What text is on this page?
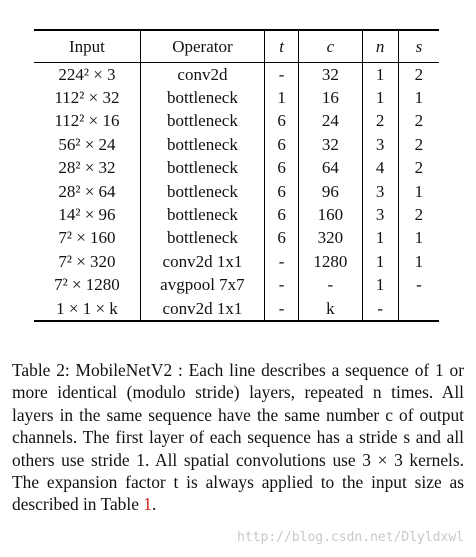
Input	Operator	t	c	n	s
224² × 3	conv2d	-	32	1	2
112² × 32	bottleneck	1	16	1	1
112² × 16	bottleneck	6	24	2	2
56² × 24	bottleneck	6	32	3	2
28² × 32	bottleneck	6	64	4	2
28² × 64	bottleneck	6	96	3	1
14² × 96	bottleneck	6	160	3	2
7² × 160	bottleneck	6	320	1	1
7² × 320	conv2d 1x1	-	1280	1	1
7² × 1280	avgpool 7x7	-	-	1	-
1 × 1 × k	conv2d 1x1	-	k	-	
Table 2: MobileNetV2 : Each line describes a sequence of 1 or more identical (modulo stride) layers, repeated n times. All layers in the same sequence have the same number c of output channels. The first layer of each sequence has a stride s and all others use stride 1. All spatial convolutions use 3 × 3 kernels. The expansion factor t is always applied to the input size as described in Table 1.
http://blog.csdn.net/Dlyldxwl
